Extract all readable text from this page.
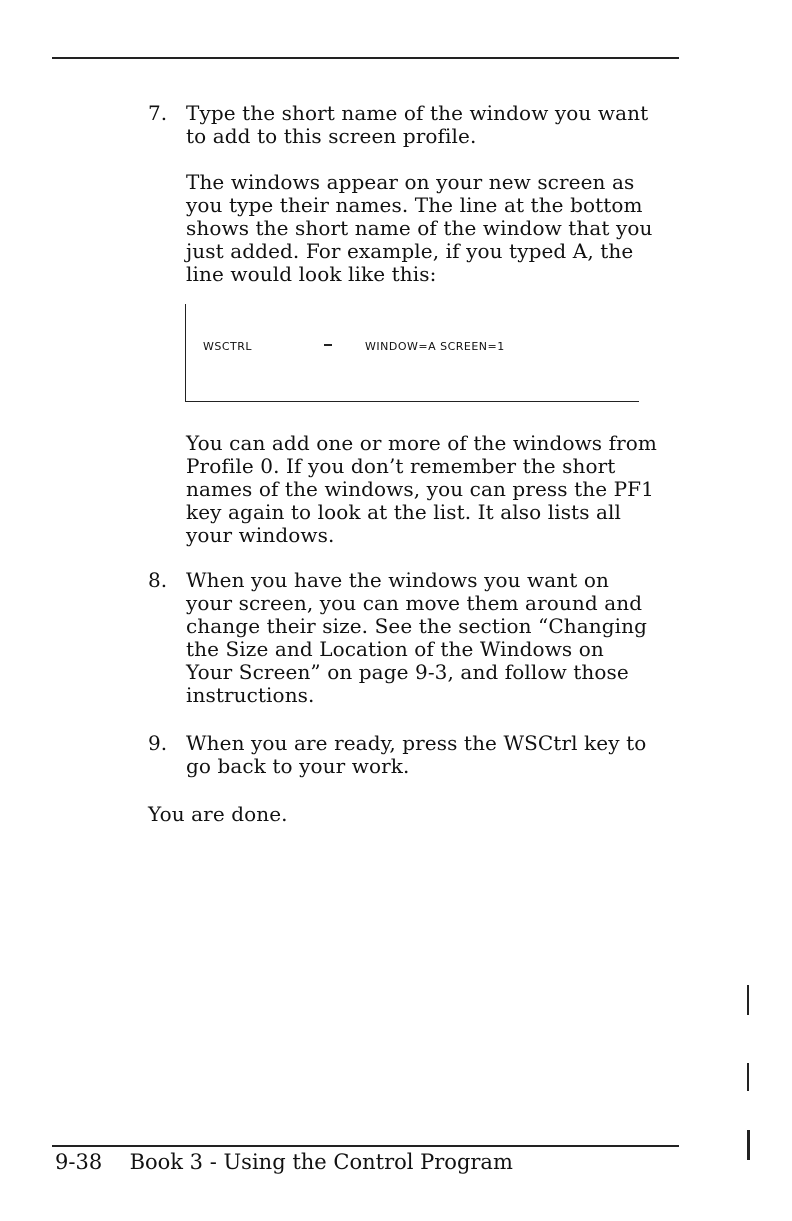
7. Type the short name of the window you want
to add to this screen profile.
The windows appear on your new screen as
you type their names. The line at the bottom
shows the short name of the window that you
just added. For example, if you typed A, the
line would look like this:
WSCTRL	WINDOW=A SCREEN=1
You can add one or more of the windows from
Profile 0. If you don’t remember the short
names of the windows, you can press the PF1
key again to look at the list. It also lists all
your windows.
8. When you have the windows you want on
your screen, you can move them around and
change their size. See the section “Changing
the Size and Location of the Windows on
Your Screen” on page 9-3, and follow those
instructions.
9. When you are ready, press the WSCtrl key to
go back to your work.
You are done.
9-38 Book 3 - Using the Control Program
